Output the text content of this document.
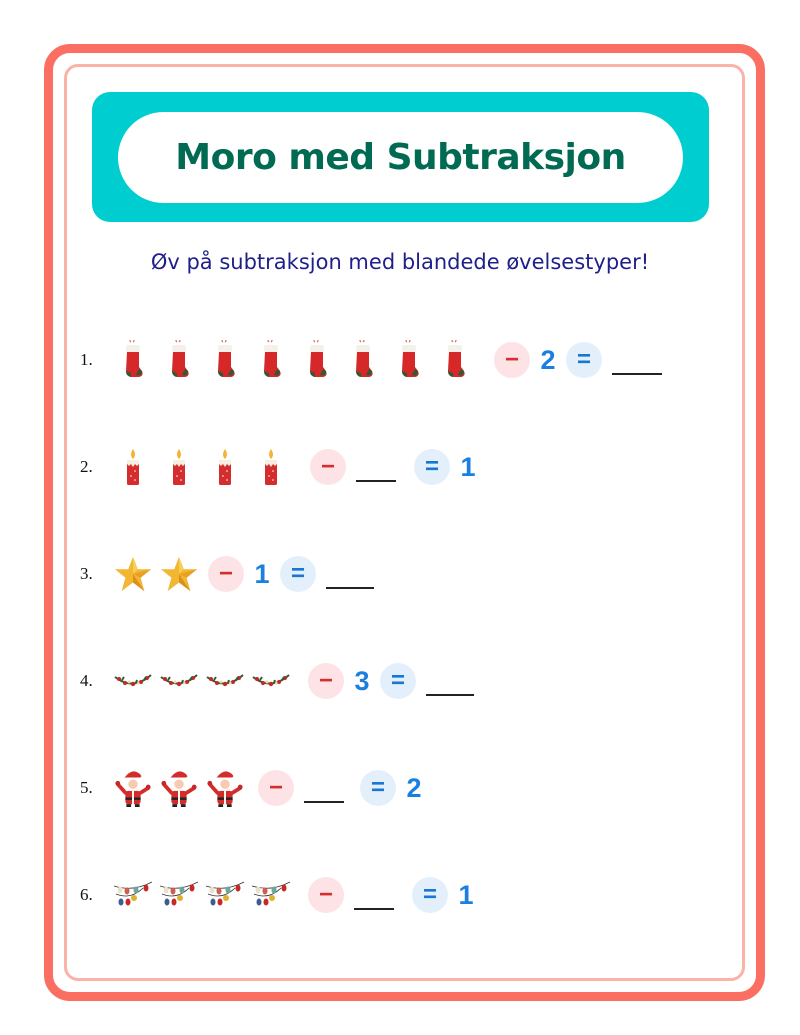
Moro med Subtraksjon
Øv på subtraksjon med blandede øvelsestyper!
1.	− 2 =
2.	−	= 1
3.	− 1 =
4.	− 3 =
5.	−	= 2
6.	−	= 1
